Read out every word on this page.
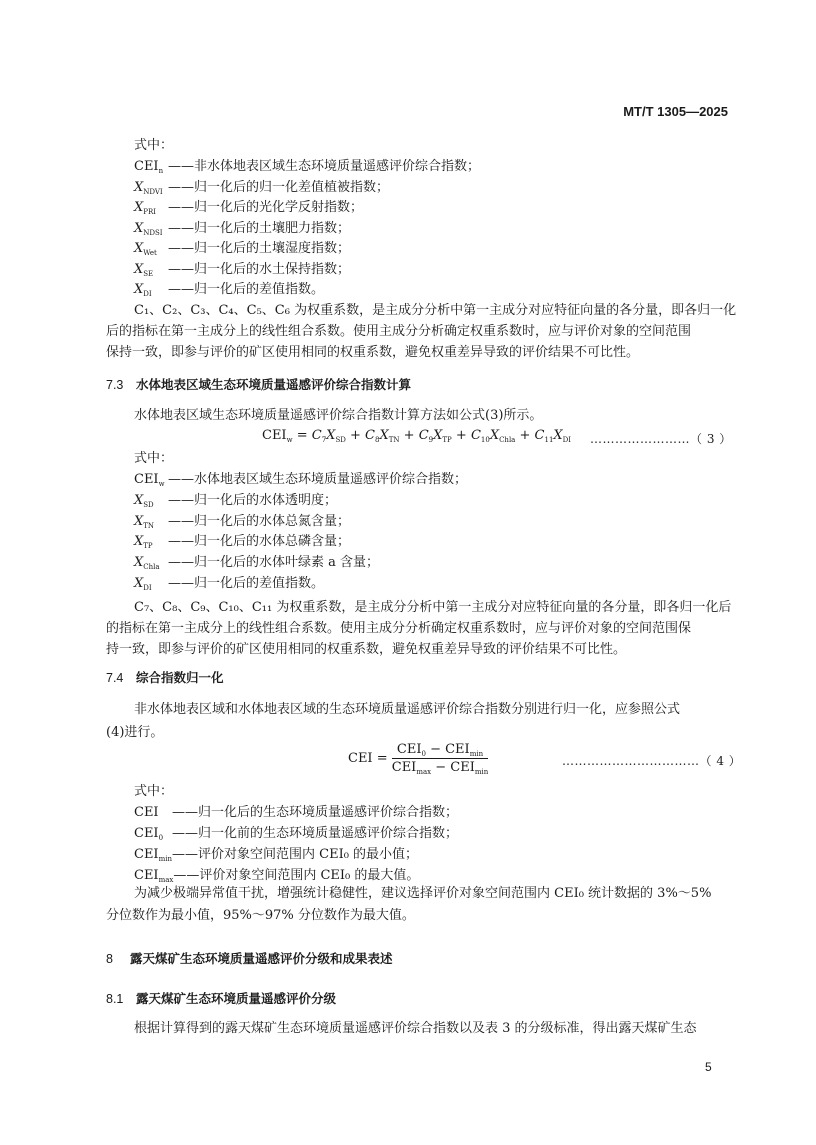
MT/T 1305—2025
式中：
$CEI_n$ ——非水体地表区域生态环境质量遥感评价综合指数；
$X_{NDVI}$ ——归一化后的归一化差值植被指数；
$X_{PRI}$ ——归一化后的光化学反射指数；
$X_{NDSI}$ ——归一化后的土壤肥力指数；
$X_{Wet}$ ——归一化后的土壤湿度指数；
$X_{SE}$ ——归一化后的水土保持指数；
$X_{DI}$ ——归一化后的差值指数。
C₁、C₂、C₃、C₄、C₅、C₆ 为权重系数，是主成分分析中第一主成分对应特征向量的各分量，即各归一化
后的指标在第一主成分上的线性组合系数。使用主成分分析确定权重系数时，应与评价对象的空间范围
保持一致，即参与评价的矿区使用相同的权重系数，避免权重差异导致的评价结果不可比性。
7.3 水体地表区域生态环境质量遥感评价综合指数计算
水体地表区域生态环境质量遥感评价综合指数计算方法如公式(3)所示。
$CEI_w = C_7X_{SD} + C_8X_{TN} + C_9X_{TP} + C_{10}X_{Chla} + C_{11}X_{DI}$ ……………………（ 3 ）
式中：
$CEI_w$ ——水体地表区域生态环境质量遥感评价综合指数；
$X_{SD}$ ——归一化后的水体透明度；
$X_{TN}$ ——归一化后的水体总氮含量；
$X_{TP}$ ——归一化后的水体总磷含量；
$X_{Chla}$ ——归一化后的水体叶绿素 a 含量；
$X_{DI}$ ——归一化后的差值指数。
C₇、C₈、C₉、C₁₀、C₁₁ 为权重系数，是主成分分析中第一主成分对应特征向量的各分量，即各归一化后
的指标在第一主成分上的线性组合系数。使用主成分分析确定权重系数时，应与评价对象的空间范围保
持一致，即参与评价的矿区使用相同的权重系数，避免权重差异导致的评价结果不可比性。
7.4 综合指数归一化
非水体地表区域和水体地表区域的生态环境质量遥感评价综合指数分别进行归一化，应参照公式
(4)进行。
CEI = $\frac{CEI_0 - CEI_{min}}{CEI_{max} - CEI_{min}}$	……………………………（ 4 ）
式中：
CEI ——归一化后的生态环境质量遥感评价综合指数；
$CEI_0$ ——归一化前的生态环境质量遥感评价综合指数；
$CEI_{min}——$评价对象空间范围内 CEI₀ 的最小值；
$CEI_{max}——$评价对象空间范围内 CEI₀ 的最大值。
为减少极端异常值干扰，增强统计稳健性，建议选择评价对象空间范围内 CEI₀ 统计数据的 3%～5%
分位数作为最小值，95%～97% 分位数作为最大值。
8 露天煤矿生态环境质量遥感评价分级和成果表述
8.1 露天煤矿生态环境质量遥感评价分级
根据计算得到的露天煤矿生态环境质量遥感评价综合指数以及表 3 的分级标准，得出露天煤矿生态
5
